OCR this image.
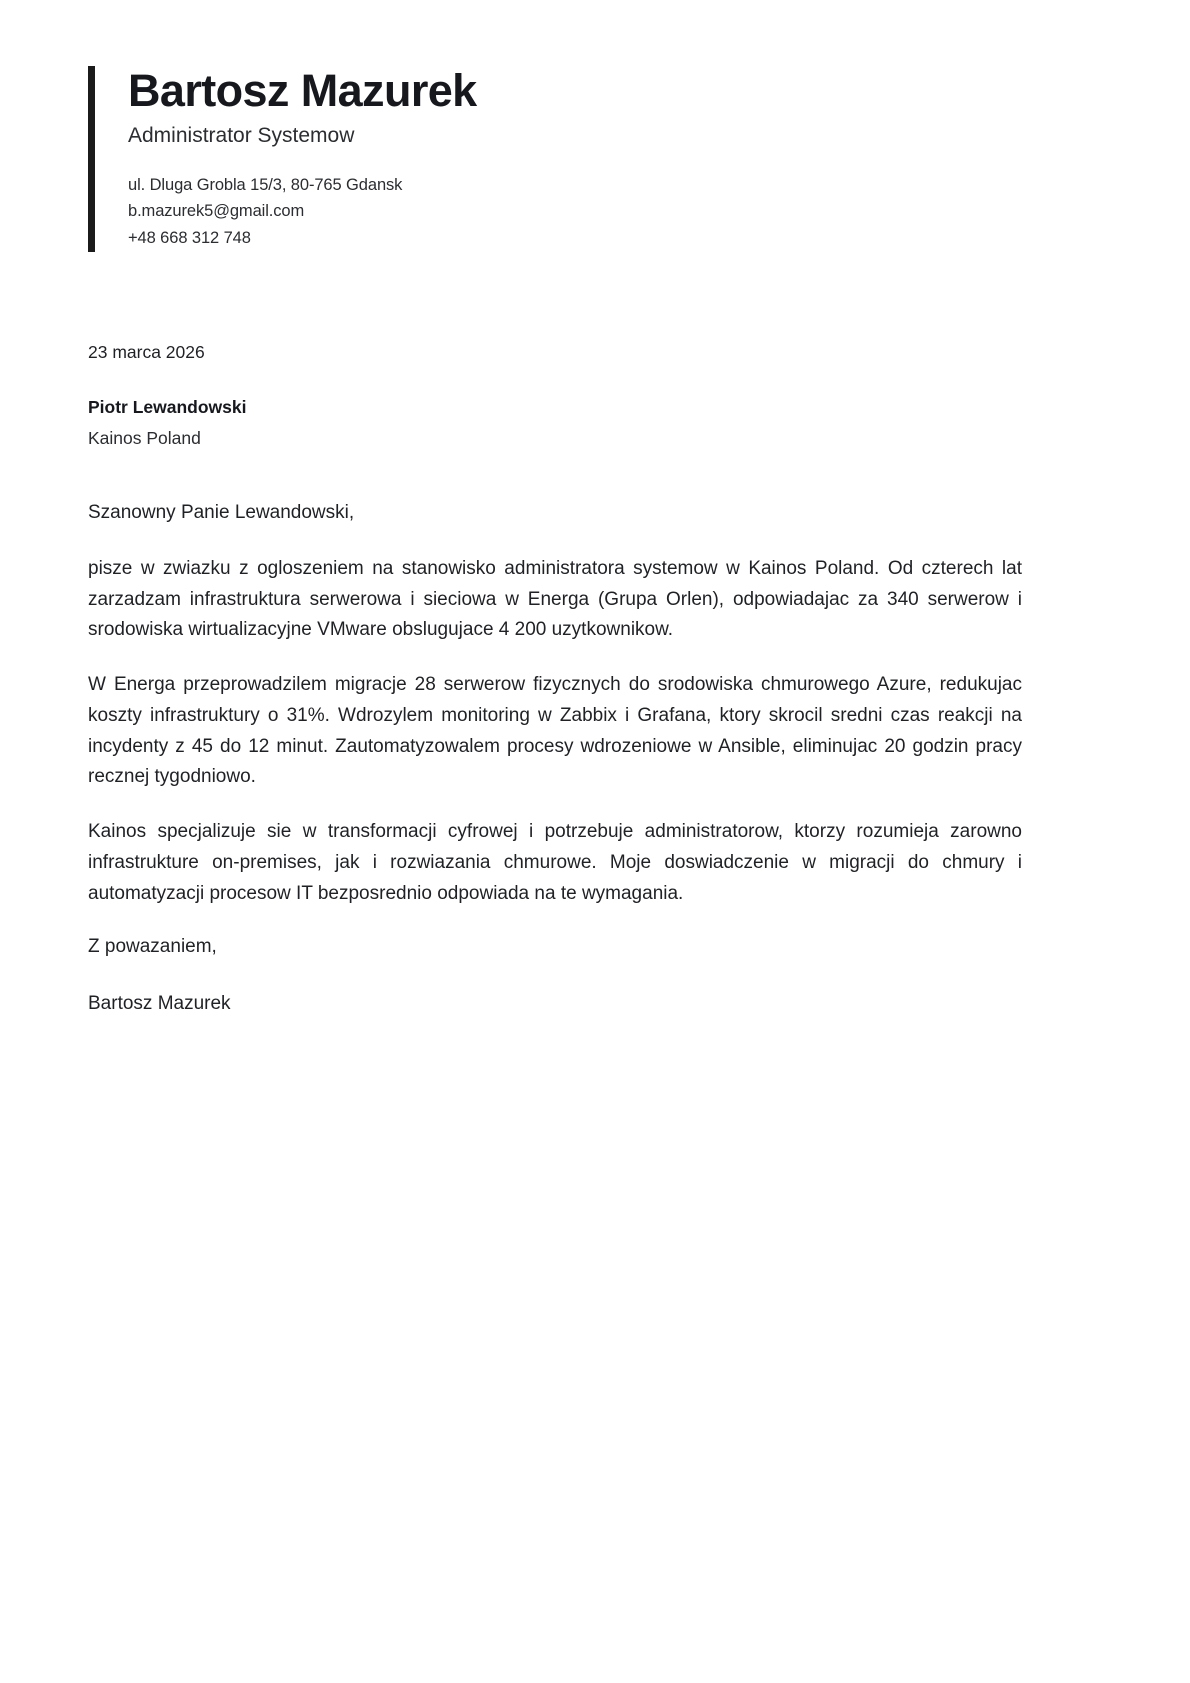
Bartosz Mazurek
Administrator Systemow
ul. Dluga Grobla 15/3, 80-765 Gdansk
b.mazurek5@gmail.com
+48 668 312 748
23 marca 2026
Piotr Lewandowski
Kainos Poland
Szanowny Panie Lewandowski,

pisze w zwiazku z ogloszeniem na stanowisko administratora systemow w Kainos Poland. Od czterech lat zarzadzam infrastruktura serwerowa i sieciowa w Energa (Grupa Orlen), odpowiadajac za 340 serwerow i srodowiska wirtualizacyjne VMware obslugujace 4 200 uzytkownikow.

W Energa przeprowadzilem migracje 28 serwerow fizycznych do srodowiska chmurowego Azure, redukujac koszty infrastruktury o 31%. Wdrozylem monitoring w Zabbix i Grafana, ktory skrocil sredni czas reakcji na incydenty z 45 do 12 minut. Zautomatyzowalem procesy wdrozeniowe w Ansible, eliminujac 20 godzin pracy recznej tygodniowo.

Kainos specjalizuje sie w transformacji cyfrowej i potrzebuje administratorow, ktorzy rozumieja zarowno infrastrukture on-premises, jak i rozwiazania chmurowe. Moje doswiadczenie w migracji do chmury i automatyzacji procesow IT bezposrednio odpowiada na te wymagania.

Z powazaniem,
Bartosz Mazurek
